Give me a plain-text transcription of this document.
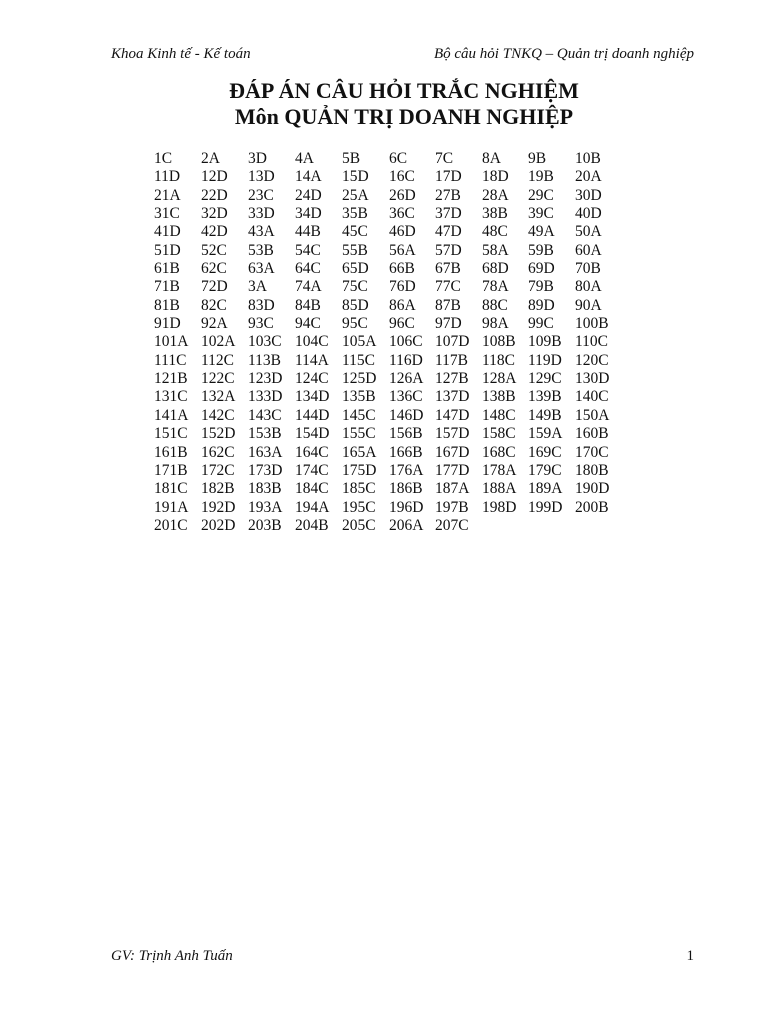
Khoa Kinh tế - Kế toán	Bộ câu hỏi TNKQ – Quản trị doanh nghiệp
ĐÁP ÁN CÂU HỎI TRẮC NGHIỆM
Môn QUẢN TRỊ DOANH NGHIỆP
1C	2A	3D	4A	5B	6C	7C	8A	9B	10B
11D	12D	13D	14A	15D	16C	17D	18D	19B	20A
21A	22D	23C	24D	25A	26D	27B	28A	29C	30D
31C	32D	33D	34D	35B	36C	37D	38B	39C	40D
41D	42D	43A	44B	45C	46D	47D	48C	49A	50A
51D	52C	53B	54C	55B	56A	57D	58A	59B	60A
61B	62C	63A	64C	65D	66B	67B	68D	69D	70B
71B	72D	3A	74A	75C	76D	77C	78A	79B	80A
81B	82C	83D	84B	85D	86A	87B	88C	89D	90A
91D	92A	93C	94C	95C	96C	97D	98A	99C	100B
101A	102A	103C	104C	105A	106C	107D	108B	109B	110C
111C	112C	113B	114A	115C	116D	117B	118C	119D	120C
121B	122C	123D	124C	125D	126A	127B	128A	129C	130D
131C	132A	133D	134D	135B	136C	137D	138B	139B	140C
141A	142C	143C	144D	145C	146D	147D	148C	149B	150A
151C	152D	153B	154D	155C	156B	157D	158C	159A	160B
161B	162C	163A	164C	165A	166B	167D	168C	169C	170C
171B	172C	173D	174C	175D	176A	177D	178A	179C	180B
181C	182B	183B	184C	185C	186B	187A	188A	189A	190D
191A	192D	193A	194A	195C	196D	197B	198D	199D	200B
201C	202D	203B	204B	205C	206A	207C			
GV: Trịnh Anh Tuấn	1
